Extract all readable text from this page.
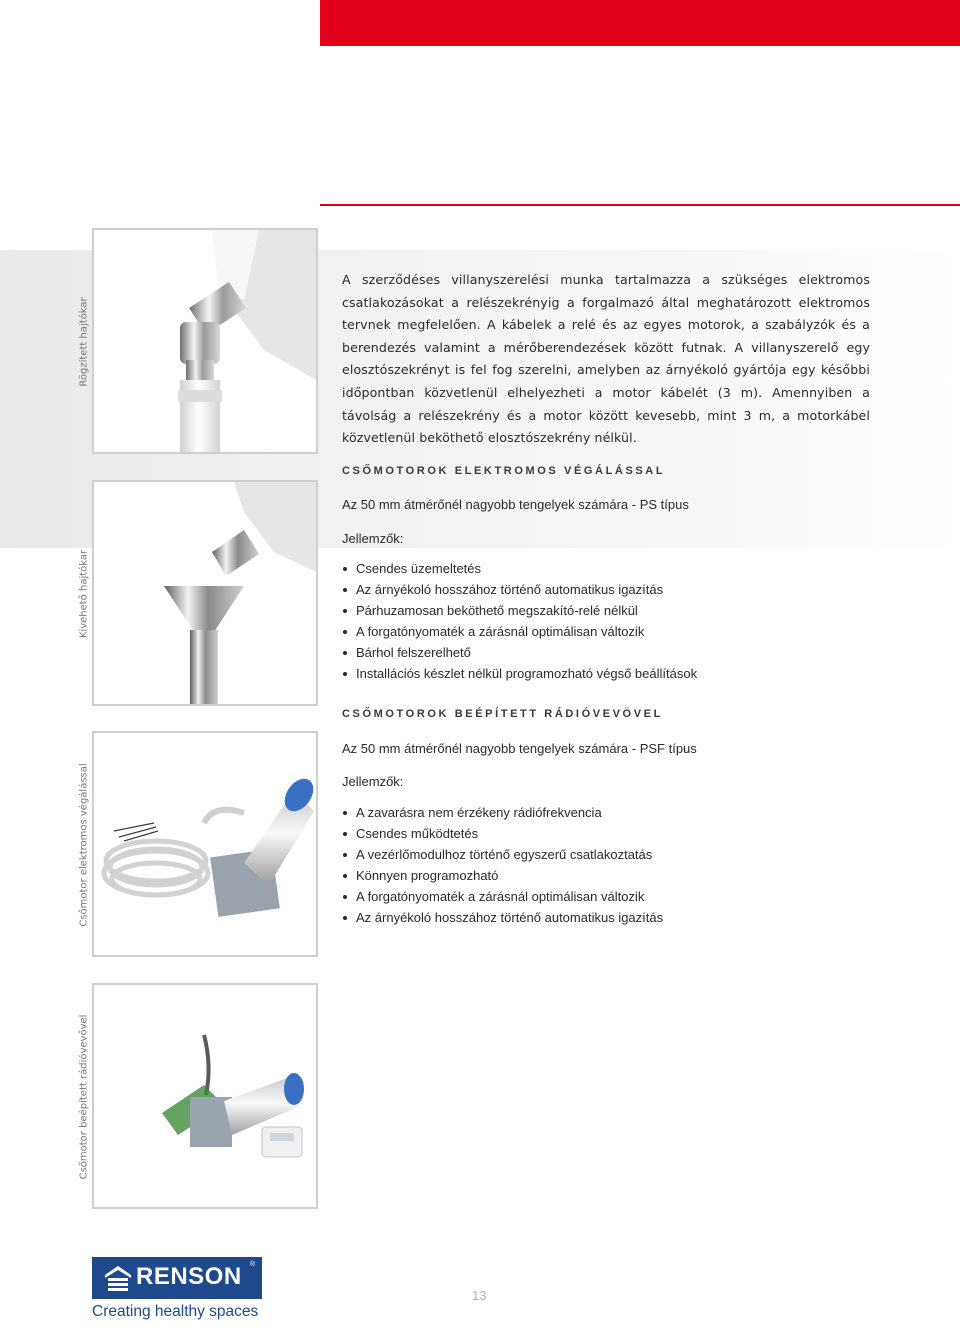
Rögzített hajtókar
Kivehető hajtókar
Csőmotor elektromos végálással
Csőmotor beépített rádióvevővel

A szerződéses villanyszerelési munka tartalmazza a szükséges elektromos csatlakozásokat a relészekrényig a forgalmazó által meghatározott elektromos tervnek megfelelően. A kábelek a relé és az egyes motorok, a szabályzók és a berendezés valamint a mérőberendezések között futnak. A villanyszerelő egy elosztószekrényt is fel fog szerelni, amelyben az árnyékoló gyártója egy későbbi időpontban közvetlenül elhelyezheti a motor kábelét (3 m). Amennyiben a távolság a relészekrény és a motor között kevesebb, mint 3 m, a motorkábel közvetlenül beköthető elosztószekrény nélkül.

CSŐMOTOROK ELEKTROMOS VÉGÁLÁSSAL

Az 50 mm átmérőnél nagyobb tengelyek számára - PS típus

Jellemzők:

Csendes üzemeltetés
Az árnyékoló hosszához történő automatikus igazítás
Párhuzamosan beköthető megszakító-relé nélkül
A forgatónyomaték a zárásnál optimálisan változik
Bárhol felszerelhető
Installációs készlet nélkül programozható végső beállítások

CSŐMOTOROK BEÉPÍTETT RÁDIÓVEVÖVEL

Az 50 mm átmérőnél nagyobb tengelyek számára - PSF típus

Jellemzők:

A zavarásra nem érzékeny rádiófrekvencia
Csendes működtetés
A vezérlőmodulhoz történő egyszerű csatlakoztatás
Könnyen programozható
A forgatónyomaték a zárásnál optimálisan változik
Az árnyékoló hosszához történő automatikus igazítás
RENSON ®
Creating healthy spaces
13
